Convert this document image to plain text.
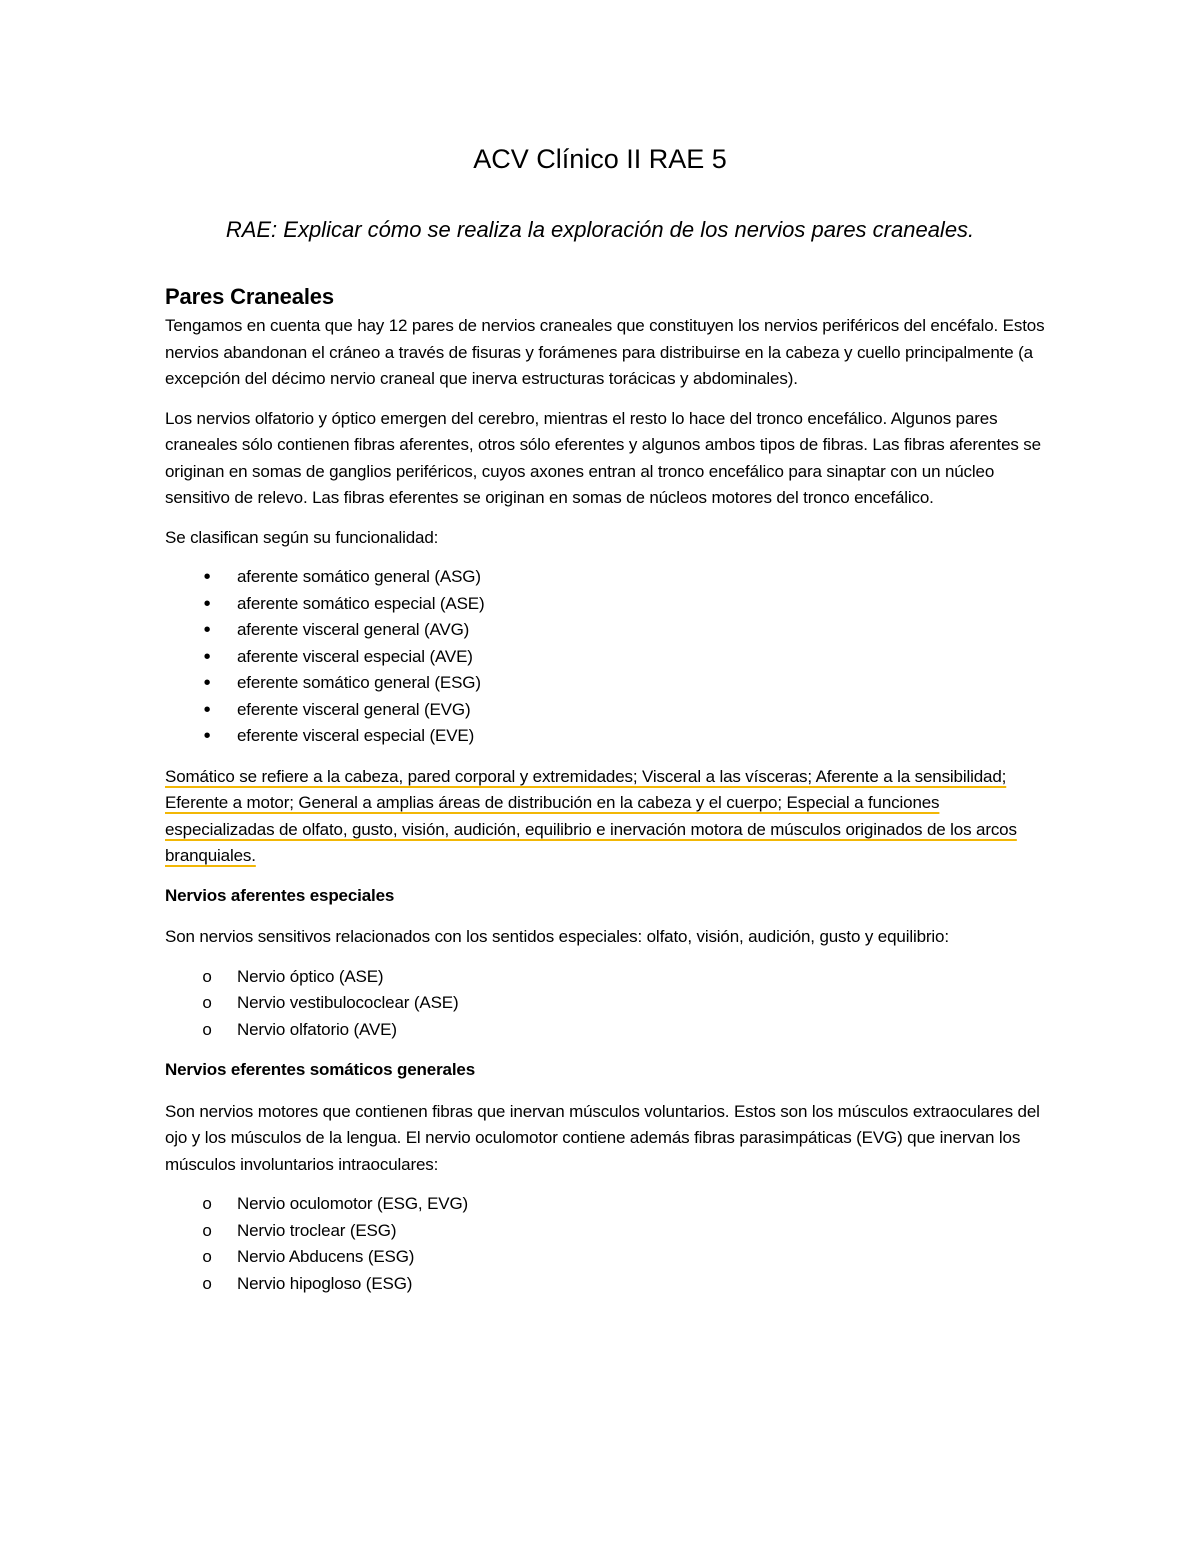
ACV Clínico II RAE 5
RAE: Explicar cómo se realiza la exploración de los nervios pares craneales.
Pares Craneales

Tengamos en cuenta que hay 12 pares de nervios craneales que constituyen los nervios periféricos del encéfalo. Estos nervios abandonan el cráneo a través de fisuras y forámenes para distribuirse en la cabeza y cuello principalmente (a excepción del décimo nervio craneal que inerva estructuras torácicas y abdominales).

Los nervios olfatorio y óptico emergen del cerebro, mientras el resto lo hace del tronco encefálico. Algunos pares craneales sólo contienen fibras aferentes, otros sólo eferentes y algunos ambos tipos de fibras. Las fibras aferentes se originan en somas de ganglios periféricos, cuyos axones entran al tronco encefálico para sinaptar con un núcleo sensitivo de relevo. Las fibras eferentes se originan en somas de núcleos motores del tronco encefálico.

Se clasifican según su funcionalidad:

•	aferente somático general (ASG)
•	aferente somático especial (ASE)
•	aferente visceral general (AVG)
•	aferente visceral especial (AVE)
•	eferente somático general (ESG)
•	eferente visceral general (EVG)
•	eferente visceral especial (EVE)

Somático se refiere a la cabeza, pared corporal y extremidades; Visceral a las vísceras; Aferente a la sensibilidad; Eferente a motor; General a amplias áreas de distribución en la cabeza y el cuerpo; Especial a funciones especializadas de olfato, gusto, visión, audición, equilibrio e inervación motora de músculos originados de los arcos branquiales.

Nervios aferentes especiales

Son nervios sensitivos relacionados con los sentidos especiales: olfato, visión, audición, gusto y equilibrio:

o	Nervio óptico (ASE)
o	Nervio vestibulococlear (ASE)
o	Nervio olfatorio (AVE)

Nervios eferentes somáticos generales

Son nervios motores que contienen fibras que inervan músculos voluntarios. Estos son los músculos extraoculares del ojo y los músculos de la lengua. El nervio oculomotor contiene además fibras parasimpáticas (EVG) que inervan los músculos involuntarios intraoculares:

o	Nervio oculomotor (ESG, EVG)
o	Nervio troclear (ESG)
o	Nervio Abducens (ESG)
o	Nervio hipogloso (ESG)
